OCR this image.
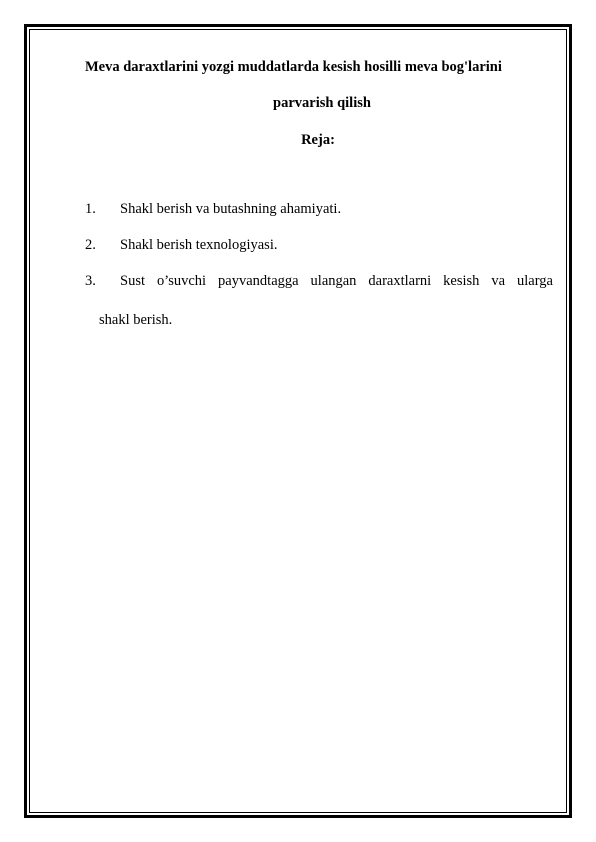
Meva daraxtlarini yozgi muddatlarda kesish hosilli meva bog'larini
parvarish qilish
Reja:
1. Shakl berish va butashning ahamiyati.
2. Shakl berish texnologiyasi.
3. Sust o’suvchi payvandtagga ulangan daraxtlarni kesish va ularga
shakl berish.
